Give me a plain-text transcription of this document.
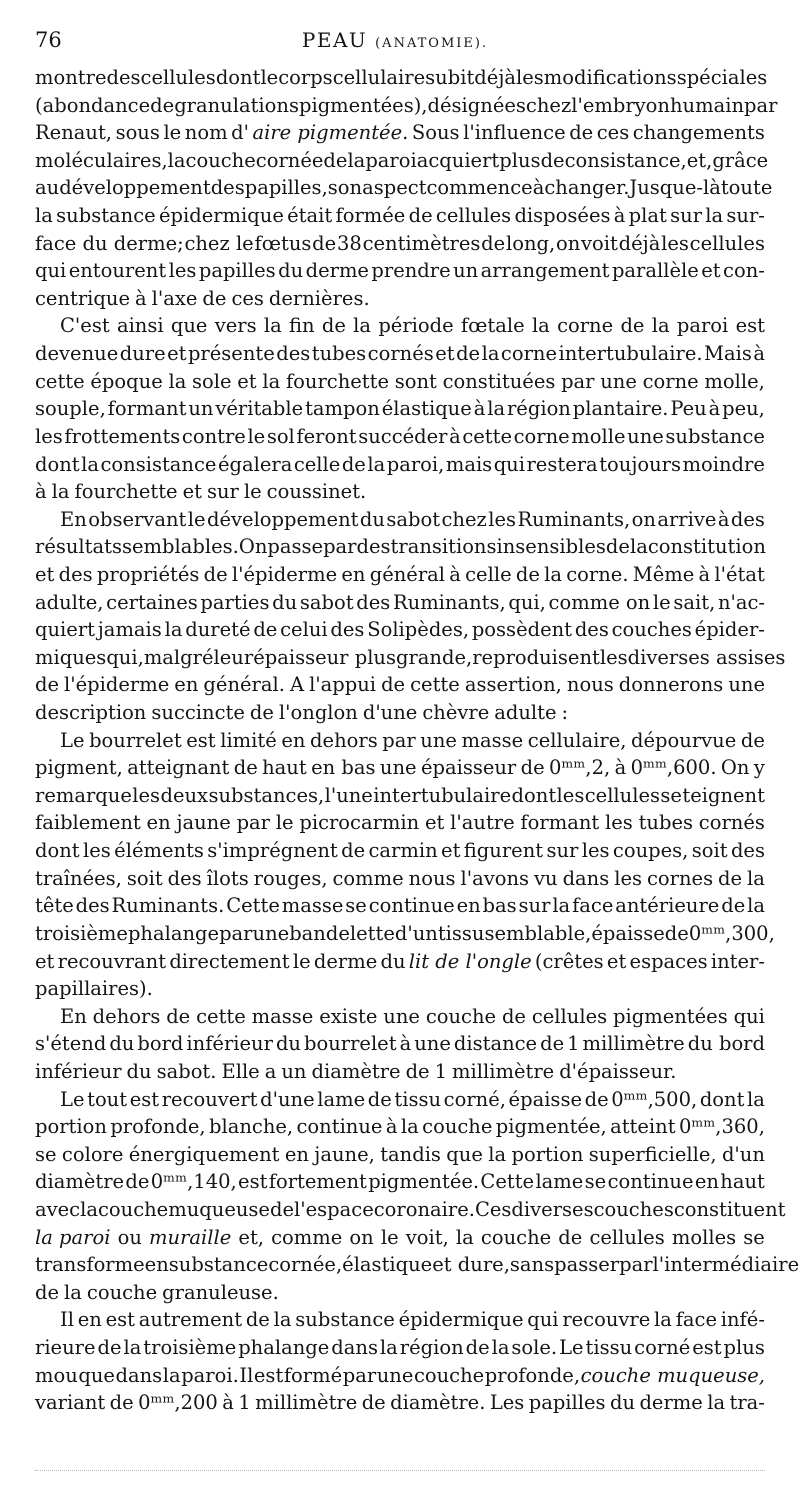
76	PEAU (ANATOMIE).
montre des cellules dont le corps cellulaire subit déjà les modifications spéciales
(abondance de granulations pigmentées), désignées chez l'embryon humain par
Renaut, sous le nom d' aire pigmentée. Sous l'influence de ces changements
moléculaires, la couche cornée de la paroi acquiert plus de consistance, et, grâce
au développement des papilles, son aspect commence à changer. Jusque-là toute
la substance épidermique était formée de cellules disposées à plat sur la sur-
face du derme; chez le fœtus de 38 centimètres de long, on voit déjà les cellules
qui entourent les papilles du derme prendre un arrangement parallèle et con-
centrique à l'axe de ces dernières.
C'est ainsi que vers la fin de la période fœtale la corne de la paroi est
devenue dure et présente des tubes cornés et de la corne intertubulaire. Mais à
cette époque la sole et la fourchette sont constituées par une corne molle,
souple, formant un véritable tampon élastique à la région plantaire. Peu à peu,
les frottements contre le sol feront succéder à cette corne molle une substance
dont la consistance égalera celle de la paroi, mais qui restera toujours moindre
à la fourchette et sur le coussinet.
En observant le développement du sabot chez les Ruminants, on arrive à des
résultats semblables. On passe par des transitions insensibles de la constitution
et des propriétés de l'épiderme en général à celle de la corne. Même à l'état
adulte, certaines parties du sabot des Ruminants, qui, comme on le sait, n'ac-
quiert jamais la dureté de celui des Solipèdes, possèdent des couches épider-
miques qui, malgré leur épaisseur plus grande, reproduisent les diverses assises
de l'épiderme en général. A l'appui de cette assertion, nous donnerons une
description succincte de l'onglon d'une chèvre adulte :
Le bourrelet est limité en dehors par une masse cellulaire, dépourvue de
pigment, atteignant de haut en bas une épaisseur de 0ᵐᵐ,2, à 0ᵐᵐ,600. On y
remarque les deux substances, l'une intertubulaire dont les cellules se teignent
faiblement en jaune par le picrocarmin et l'autre formant les tubes cornés
dont les éléments s'imprégnent de carmin et figurent sur les coupes, soit des
traînées, soit des îlots rouges, comme nous l'avons vu dans les cornes de la
tête des Ruminants. Cette masse se continue en bas sur la face antérieure de la
troisième phalange par une bandelette d'un tissu semblable, épaisse de 0ᵐᵐ,300,
et recouvrant directement le derme du lit de l'ongle (crêtes et espaces inter-
papillaires).
En dehors de cette masse existe une couche de cellules pigmentées qui
s'étend du bord inférieur du bourrelet à une distance de 1 millimètre du bord
inférieur du sabot. Elle a un diamètre de 1 millimètre d'épaisseur.
Le tout est recouvert d'une lame de tissu corné, épaisse de 0ᵐᵐ,500, dont la
portion profonde, blanche, continue à la couche pigmentée, atteint 0ᵐᵐ,360,
se colore énergiquement en jaune, tandis que la portion superficielle, d'un
diamètre de 0ᵐᵐ,140, est fortement pigmentée. Cette lame se continue en haut
avec la couche muqueuse de l'espace coronaire. Ces diverses couches constituent
la paroi ou muraille et, comme on le voit, la couche de cellules molles se
transforme en substance cornée, élastique et dure, sans passer par l'intermédiaire
de la couche granuleuse.
Il en est autrement de la substance épidermique qui recouvre la face infé-
rieure de la troisième phalange dans la région de la sole. Le tissu corné est plus
mou que dans la paroi. Il est formé par une couche profonde, couche muqueuse,
variant de 0ᵐᵐ,200 à 1 millimètre de diamètre. Les papilles du derme la tra-
